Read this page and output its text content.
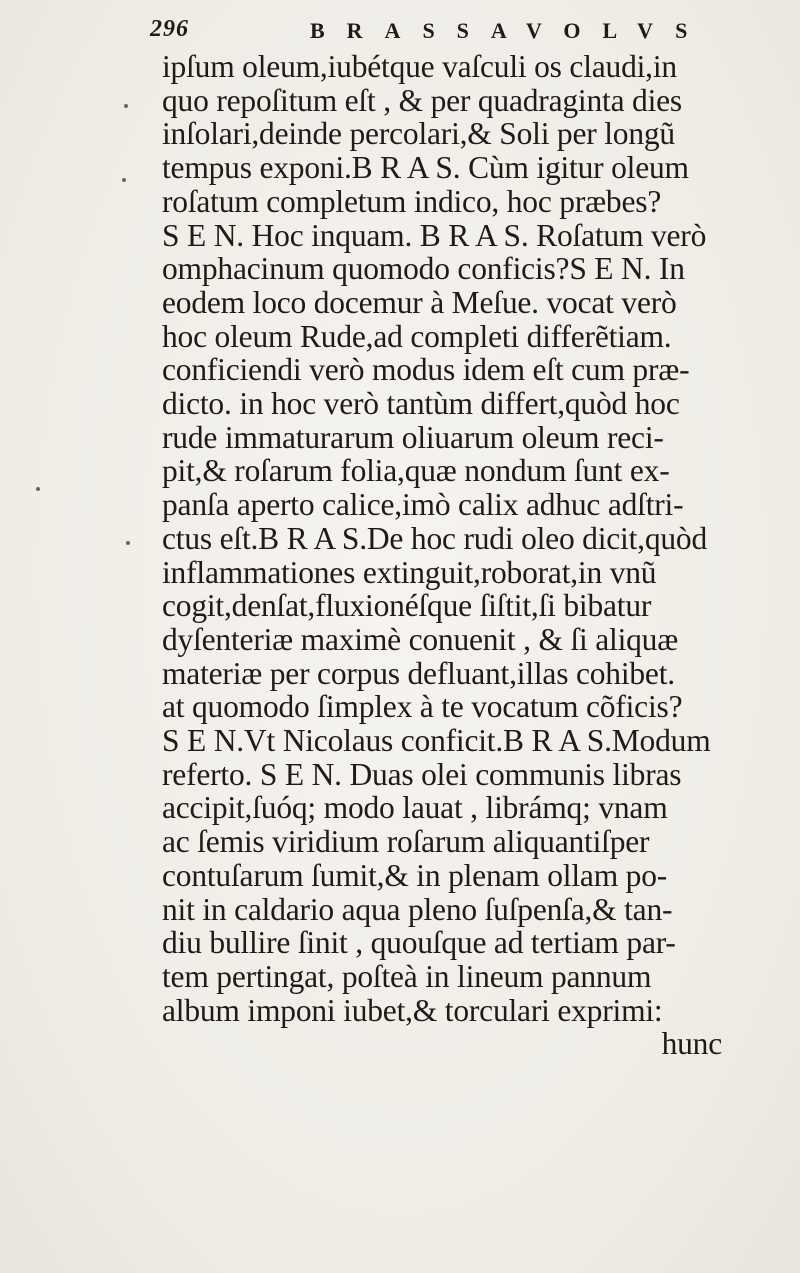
296	BRASSAVOLVS
ipſum oleum,iubétque vaſculi os claudi,in
quo repoſitum eſt , & per quadraginta dies
inſolari,deinde percolari,& Soli per longũ
tempus exponi.B R A S. Cùm igitur oleum
roſatum completum indico, hoc præbes?
S E N. Hoc inquam. B R A S. Roſatum verò
omphacinum quomodo conficis?S E N. In
eodem loco docemur à Meſue. vocat verò
hoc oleum Rude,ad completi differẽtiam.
conficiendi verò modus idem eſt cum præ-
dicto. in hoc verò tantùm differt,quòd hoc
rude immaturarum oliuarum oleum reci-
pit,& roſarum folia,quæ nondum ſunt ex-
panſa aperto calice,imò calix adhuc adſtri-
ctus eſt.B R A S.De hoc rudi oleo dicit,quòd
inflammationes extinguit,roborat,in vnũ
cogit,denſat,fluxionéſque ſiſtit,ſi bibatur
dyſenteriæ maximè conuenit , & ſi aliquæ
materiæ per corpus defluant,illas cohibet.
at quomodo ſimplex à te vocatum cõficis?
S E N.Vt Nicolaus conficit.B R A S.Modum
referto. S E N. Duas olei communis libras
accipit,ſuóq; modo lauat , librámq; vnam
ac ſemis viridium roſarum aliquantiſper
contuſarum ſumit,& in plenam ollam po-
nit in caldario aqua pleno ſuſpenſa,& tan-
diu bullire ſinit , quouſque ad tertiam par-
tem pertingat, poſteà in lineum pannum
album imponi iubet,& torculari exprimi:
hunc
